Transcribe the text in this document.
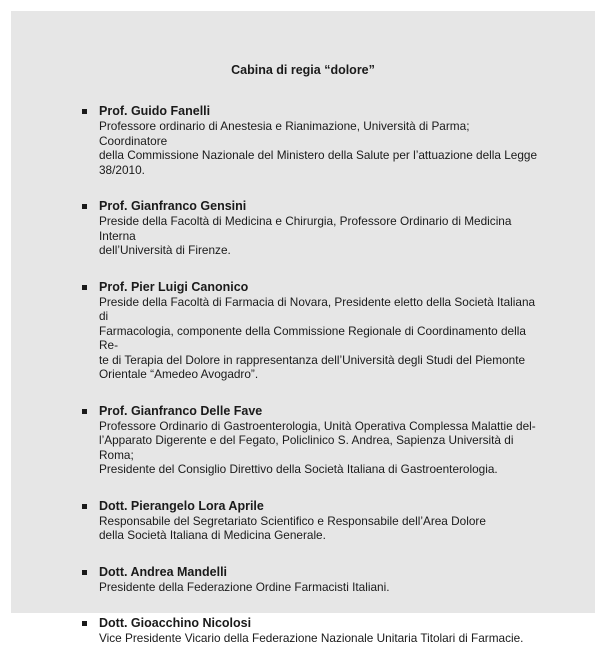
Cabina di regia “dolore”
Prof. Guido Fanelli
Professore ordinario di Anestesia e Rianimazione, Università di Parma; Coordinatore
della Commissione Nazionale del Ministero della Salute per l’attuazione della Legge
38/2010.
Prof. Gianfranco Gensini
Preside della Facoltà di Medicina e Chirurgia, Professore Ordinario di Medicina Interna
dell’Università di Firenze.
Prof. Pier Luigi Canonico
Preside della Facoltà di Farmacia di Novara, Presidente eletto della Società Italiana di
Farmacologia, componente della Commissione Regionale di Coordinamento della Re-
te di Terapia del Dolore in rappresentanza dell’Università degli Studi del Piemonte
Orientale “Amedeo Avogadro”.
Prof. Gianfranco Delle Fave
Professore Ordinario di Gastroenterologia, Unità Operativa Complessa Malattie del-
l’Apparato Digerente e del Fegato, Policlinico S. Andrea, Sapienza Università di Roma;
Presidente del Consiglio Direttivo della Società Italiana di Gastroenterologia.
Dott. Pierangelo Lora Aprile
Responsabile del Segretariato Scientifico e Responsabile dell’Area Dolore
della Società Italiana di Medicina Generale.
Dott. Andrea Mandelli
Presidente della Federazione Ordine Farmacisti Italiani.
Dott. Gioacchino Nicolosi
Vice Presidente Vicario della Federazione Nazionale Unitaria Titolari di Farmacie.
